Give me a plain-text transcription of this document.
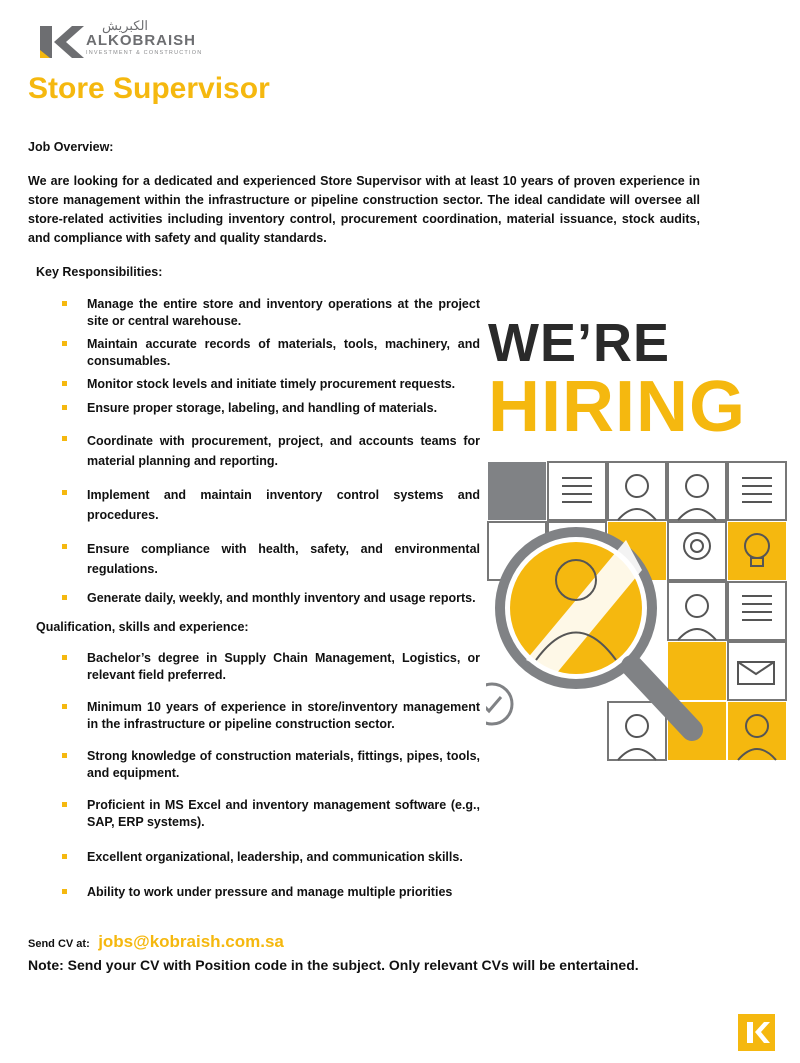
الكبريش
ALKOBRAISH
INVESTMENT & CONSTRUCTION
Store Supervisor
Job Overview:
We are looking for a dedicated and experienced Store Supervisor with at least 10 years of proven experience in store management within the infrastructure or pipeline construction sector. The ideal candidate will oversee all store-related activities including inventory control, procurement coordination, material issuance, stock audits, and compliance with safety and quality standards.
Key Responsibilities:
Manage the entire store and inventory operations at the project site or central warehouse.
Maintain accurate records of materials, tools, machinery, and consumables.
Monitor stock levels and initiate timely procurement requests.
Ensure proper storage, labeling, and handling of materials.
Coordinate with procurement, project, and accounts teams for material planning and reporting.
Implement and maintain inventory control systems and procedures.
Ensure compliance with health, safety, and environmental regulations.
Generate daily, weekly, and monthly inventory and usage reports.
Qualification, skills and experience:
Bachelor’s degree in Supply Chain Management, Logistics, or relevant field preferred.
Minimum 10 years of experience in store/inventory management in the infrastructure or pipeline construction sector.
Strong knowledge of construction materials, fittings, pipes, tools, and equipment.
Proficient in MS Excel and inventory management software (e.g., SAP, ERP systems).
Excellent organizational, leadership, and communication skills.
Ability to work under pressure and manage multiple priorities
Send CV at: jobs@kobraish.com.sa
Note: Send your CV with Position code in the subject. Only relevant CVs will be entertained.
WE’RE
HIRING
